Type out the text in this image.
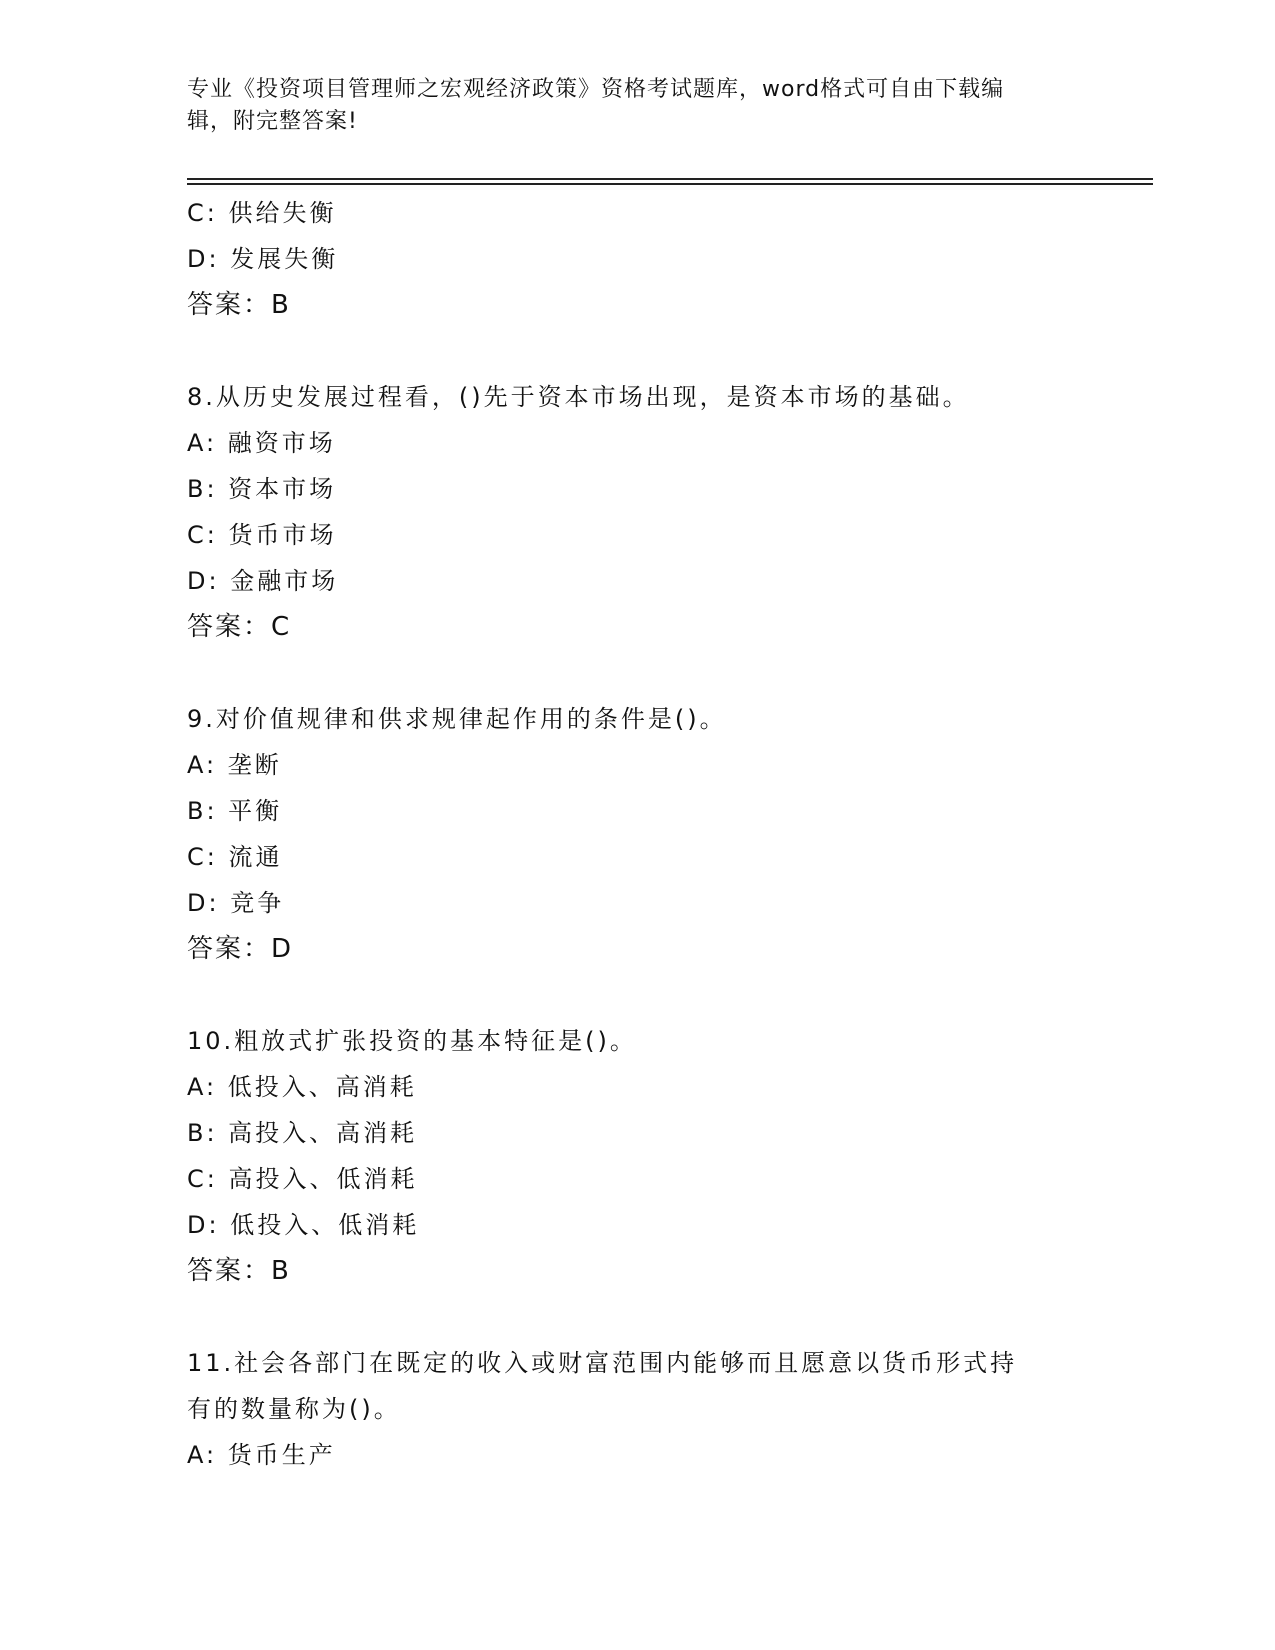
专业《投资项目管理师之宏观经济政策》资格考试题库，word格式可自由下载编
辑，附完整答案!
C: 供给失衡
D: 发展失衡
答案：B
8.从历史发展过程看，()先于资本市场出现，是资本市场的基础。
A: 融资市场
B: 资本市场
C: 货币市场
D: 金融市场
答案：C
9.对价值规律和供求规律起作用的条件是()。
A: 垄断
B: 平衡
C: 流通
D: 竞争
答案：D
10.粗放式扩张投资的基本特征是()。
A: 低投入、高消耗
B: 高投入、高消耗
C: 高投入、低消耗
D: 低投入、低消耗
答案：B
11.社会各部门在既定的收入或财富范围内能够而且愿意以货币形式持
有的数量称为()。
A: 货币生产
